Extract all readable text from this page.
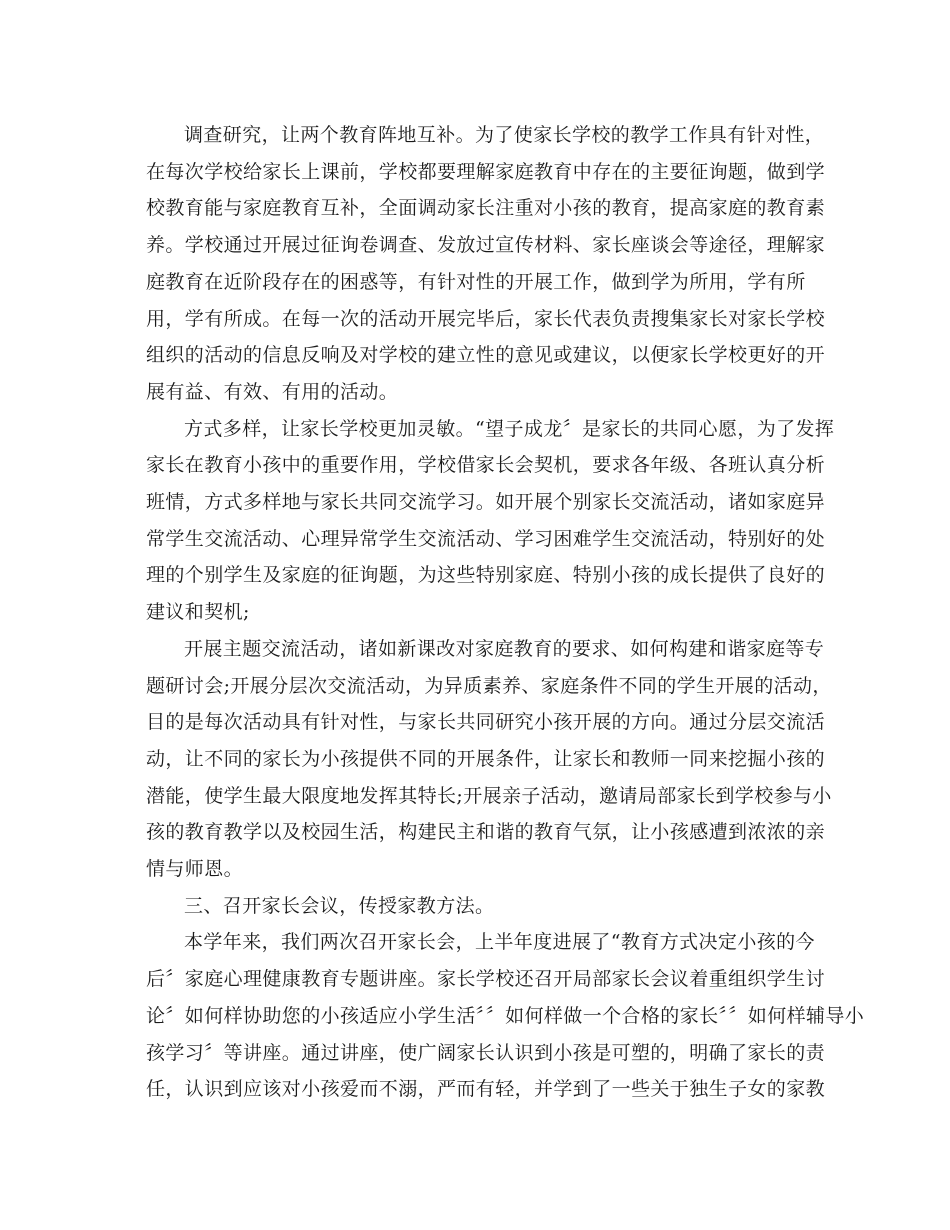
调查研究，让两个教育阵地互补。为了使家长学校的教学工作具有针对性，
在每次学校给家长上课前，学校都要理解家庭教育中存在的主要征询题，做到学
校教育能与家庭教育互补，全面调动家长注重对小孩的教育，提高家庭的教育素
养。学校通过开展过征询卷调查、发放过宣传材料、家长座谈会等途径，理解家
庭教育在近阶段存在的困惑等，有针对性的开展工作，做到学为所用，学有所
用，学有所成。在每一次的活动开展完毕后，家长代表负责搜集家长对家长学校
组织的活动的信息反响及对学校的建立性的意见或建议，以便家长学校更好的开
展有益、有效、有用的活动。
方式多样，让家长学校更加灵敏。“望子成龙〞是家长的共同心愿，为了发挥
家长在教育小孩中的重要作用，学校借家长会契机，要求各年级、各班认真分析
班情，方式多样地与家长共同交流学习。如开展个别家长交流活动，诸如家庭异
常学生交流活动、心理异常学生交流活动、学习困难学生交流活动，特别好的处
理的个别学生及家庭的征询题，为这些特别家庭、特别小孩的成长提供了良好的
建议和契机;
开展主题交流活动，诸如新课改对家庭教育的要求、如何构建和谐家庭等专
题研讨会;开展分层次交流活动，为异质素养、家庭条件不同的学生开展的活动，
目的是每次活动具有针对性，与家长共同研究小孩开展的方向。通过分层交流活
动，让不同的家长为小孩提供不同的开展条件，让家长和教师一同来挖掘小孩的
潜能，使学生最大限度地发挥其特长;开展亲子活动，邀请局部家长到学校参与小
孩的教育教学以及校园生活，构建民主和谐的教育气氛，让小孩感遭到浓浓的亲
情与师恩。
三、召开家长会议，传授家教方法。
本学年来，我们两次召开家长会，上半年度进展了“教育方式决定小孩的今
后〞家庭心理健康教育专题讲座。家长学校还召开局部家长会议着重组织学生讨
论〞如何样协助您的小孩适应小学生活〞〞如何样做一个合格的家长〞〞如何样辅导小
孩学习〞等讲座。通过讲座，使广阔家长认识到小孩是可塑的，明确了家长的责
任，认识到应该对小孩爱而不溺，严而有轻，并学到了一些关于独生子女的家教
